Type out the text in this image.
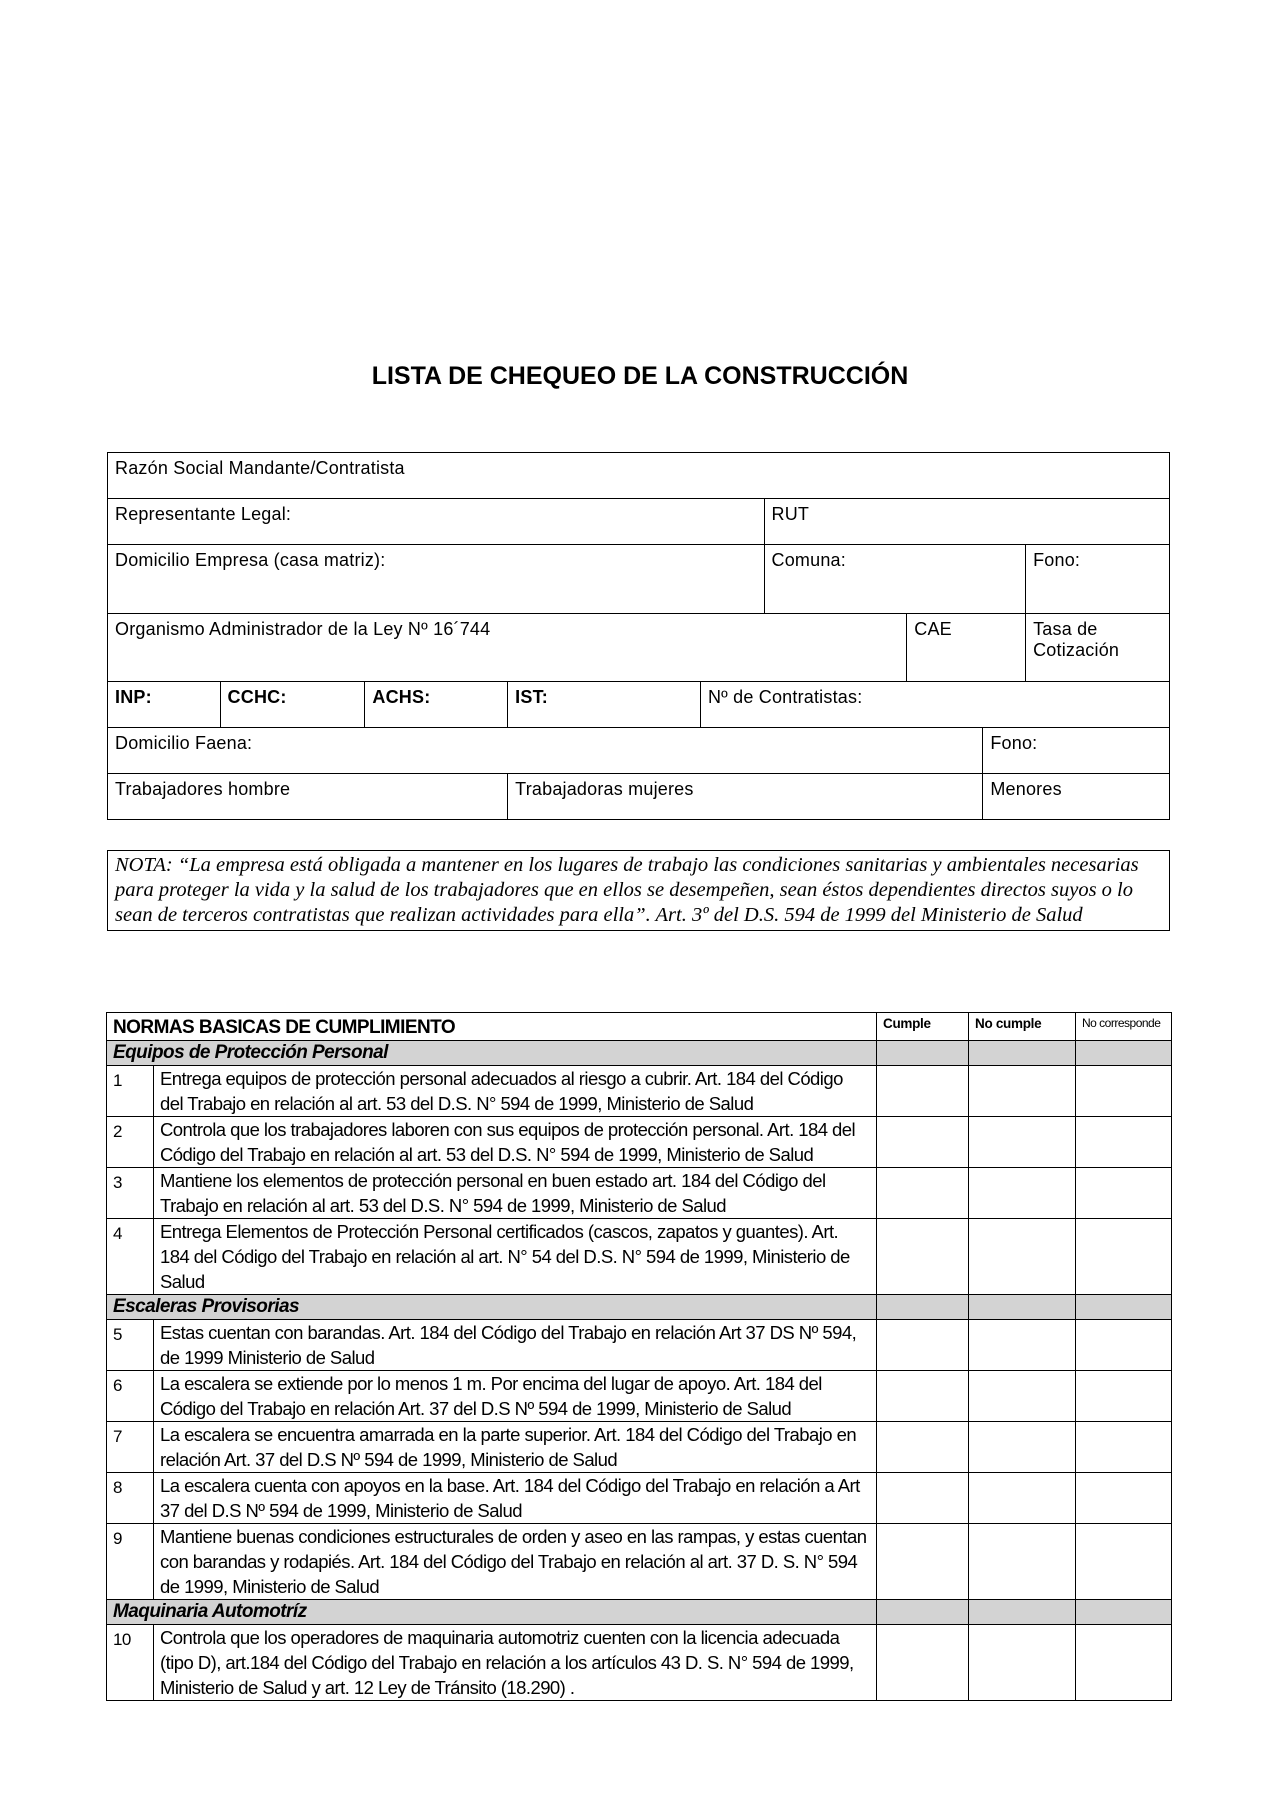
LISTA DE CHEQUEO DE LA CONSTRUCCIÓN
Razón Social Mandante/Contratista								
Representante Legal:					RUT			
Domicilio Empresa (casa matriz):					Comuna:			Fono:
Organismo Administrador de la Ley Nº 16´744						CAE		Tasa de Cotización
INP:	CCHC:	ACHS:	IST:	Nº de Contratistas:				
Domicilio Faena:							Fono:	
Trabajadores hombre			Trabajadoras mujeres				Menores	
NOTA: “La empresa está obligada a mantener en los lugares de trabajo las condiciones sanitarias y ambientales necesarias para proteger la vida y la salud de los trabajadores que en ellos se desempeñen, sean éstos dependientes directos suyos o lo sean de terceros contratistas que realizan actividades para ella”. Art. 3º del D.S. 594 de 1999 del Ministerio de Salud
NORMAS BASICAS DE CUMPLIMIENTO		Cumple	No cumple	No corresponde
Equipos de Protección Personal				
1	Entrega equipos de protección personal adecuados al riesgo a cubrir. Art. 184 del Código del Trabajo en relación al art. 53 del D.S. N° 594 de 1999, Ministerio de Salud			
2	Controla que los trabajadores laboren con sus equipos de protección personal. Art. 184 del Código del Trabajo en relación al art. 53 del D.S. N° 594 de 1999, Ministerio de Salud			
3	Mantiene los elementos de protección personal en buen estado art. 184 del Código del Trabajo en relación al art. 53 del D.S. N° 594 de 1999, Ministerio de Salud			
4	Entrega Elementos de Protección Personal certificados (cascos, zapatos y guantes). Art. 184 del Código del Trabajo en relación al art. N° 54 del D.S. N° 594 de 1999, Ministerio de Salud			
Escaleras Provisorias				
5	Estas cuentan con barandas. Art. 184 del Código del Trabajo en relación Art 37 DS Nº 594, de 1999 Ministerio de Salud			
6	La escalera se extiende por lo menos 1 m. Por encima del lugar de apoyo. Art. 184 del Código del Trabajo en relación Art. 37 del D.S Nº 594 de 1999, Ministerio de Salud			
7	La escalera se encuentra amarrada en la parte superior. Art. 184 del Código del Trabajo en relación Art. 37 del D.S Nº 594 de 1999, Ministerio de Salud			
8	La escalera cuenta con apoyos en la base. Art. 184 del Código del Trabajo en relación a Art 37 del D.S Nº 594 de 1999, Ministerio de Salud			
9	Mantiene buenas condiciones estructurales de orden y aseo en las rampas, y estas cuentan con barandas y rodapiés. Art. 184 del Código del Trabajo en relación al art. 37 D. S. N° 594 de 1999, Ministerio de Salud			
Maquinaria Automotríz				
10	Controla que los operadores de maquinaria automotriz cuenten con la licencia adecuada (tipo D), art.184 del Código del Trabajo en relación a los artículos 43 D. S. N° 594 de 1999, Ministerio de Salud y art. 12 Ley de Tránsito (18.290) .			
